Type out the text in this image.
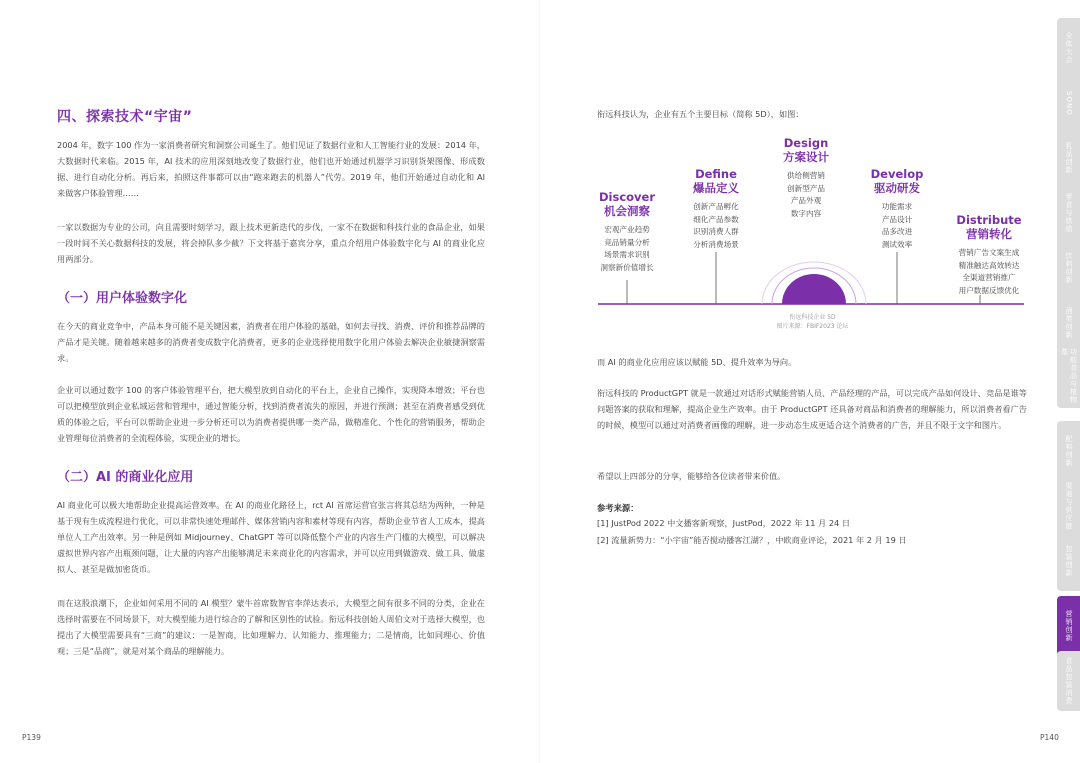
四、探索技术“宇宙”

2004 年，数字 100 作为一家消费者研究和洞察公司诞生了。他们见证了数据行业和人工智能行业的发展：2014 年，大数据时代来临。2015 年，AI 技术的应用深刻地改变了数据行业，他们也开始通过机器学习识别货架图像、形成数据、进行自动化分析。再后来，拍照这件事都可以由“跑来跑去的机器人”代劳。2019 年，他们开始通过自动化和 AI 来做客户体验管理……

一家以数据为专业的公司，向且需要时刻学习，跟上技术更新迭代的步伐，一家不在数据和科技行业的食品企业，如果一段时间不关心数据科技的发展，将会掉队多少截？下文将基于嘉宾分享，重点介绍用户体验数字化与 AI 的商业化应用两部分。

（一）用户体验数字化

在今天的商业竞争中，产品本身可能不是关键因素，消费者在用户体验的基础，如何去寻找、消费、评价和推荐品牌的产品才是关键。随着越来越多的消费者变成数字化消费者，更多的企业选择使用数字化用户体验去解决企业敏捷洞察需求。

企业可以通过数字 100 的客户体验管理平台，把大模型放到自动化的平台上，企业自己操作，实现降本增效；平台也可以把模型放到企业私域运营和管理中，通过智能分析，找到消费者流失的原因，并进行预测；甚至在消费者感受到优质的体验之后，平台可以帮助企业进一步分析还可以为消费者提供哪一类产品，做精准化、个性化的营销服务，帮助企业管理每位消费者的全流程体验，实现企业的增长。

（二）AI 的商业化应用

AI 商业化可以极大地帮助企业提高运营效率。在 AI 的商业化路径上，rct AI 首席运营官张言将其总结为两种，一种是基于现有生成流程进行优化，可以非常快速处理邮件、媒体营销内容和素材等现有内容，帮助企业节省人工成本，提高单位人工产出效率。另一种是例如 Midjourney、ChatGPT 等可以降低整个产业的内容生产门槛的大模型，可以解决虚拟世界内容产出瓶颈问题，让大量的内容产出能够满足未来商业化的内容需求，并可以应用到做游戏、做工具、做虚拟人、甚至是做加密货币。

而在这股浪潮下，企业如何采用不同的 AI 模型？蒙牛首席数智官李萍达表示，大模型之间有很多不同的分类，企业在选择时需要在不同场景下，对大模型能力进行综合的了解和区别性的试验。衔远科技创始人周伯文对于选择大模型，也提出了大模型需要具有“三商”的建议：一是智商，比如理解力、认知能力、推理能力；二是情商，比如同理心、价值观；三是“品商”，就是对某个商品的理解能力。

P139

衔远科技认为，企业有五个主要目标（简称 5D），如图：

Discover
机会洞察
宏观产业趋势
竞品销量分析
场景需求识别
洞察新价值增长
Define
爆品定义
创新产品孵化
细化产品参数
识别消费人群
分析消费场景
Design
方案设计
供给侧营销
创新型产品
产品外观
数字内容
Develop
驱动研发
功能需求
产品设计
品多改进
测试效率
Distribute
营销转化
营销广告文案生成
精准触达高效转达
全渠道营销推广
用户数据反馈优化
衔远科技企业 5D
图片来源：FBIF2023 论坛

而 AI 的商业化应用应该以赋能 5D、提升效率为导向。

衔远科技的 ProductGPT 就是一款通过对话形式赋能营销人员、产品经理的产品，可以完成产品如何设计、竞品是谁等问题答案的获取和理解，提高企业生产效率。由于 ProductGPT 还具备对商品和消费者的理解能力，所以消费者看广告的时候，模型可以通过对消费者画像的理解，进一步动态生成更适合这个消费者的广告，并且不限于文字和图片。

希望以上四部分的分享，能够给各位读者带来价值。

参考来源：
[1] JustPod 2022 中文播客新观察，JustPod，2022 年 11 月 24 日
[2] 流量新势力：“小宇宙”能否搅动播客江湖？，中欧商业评论，2021 年 2 月 19 日
P140
全体大会
SONO
乳品创新
零食与烘焙
饮料创新
酒类创新
功能食品与植物基
配料创新
渠道与供应链
包装创新
营销创新
食品包装消费
